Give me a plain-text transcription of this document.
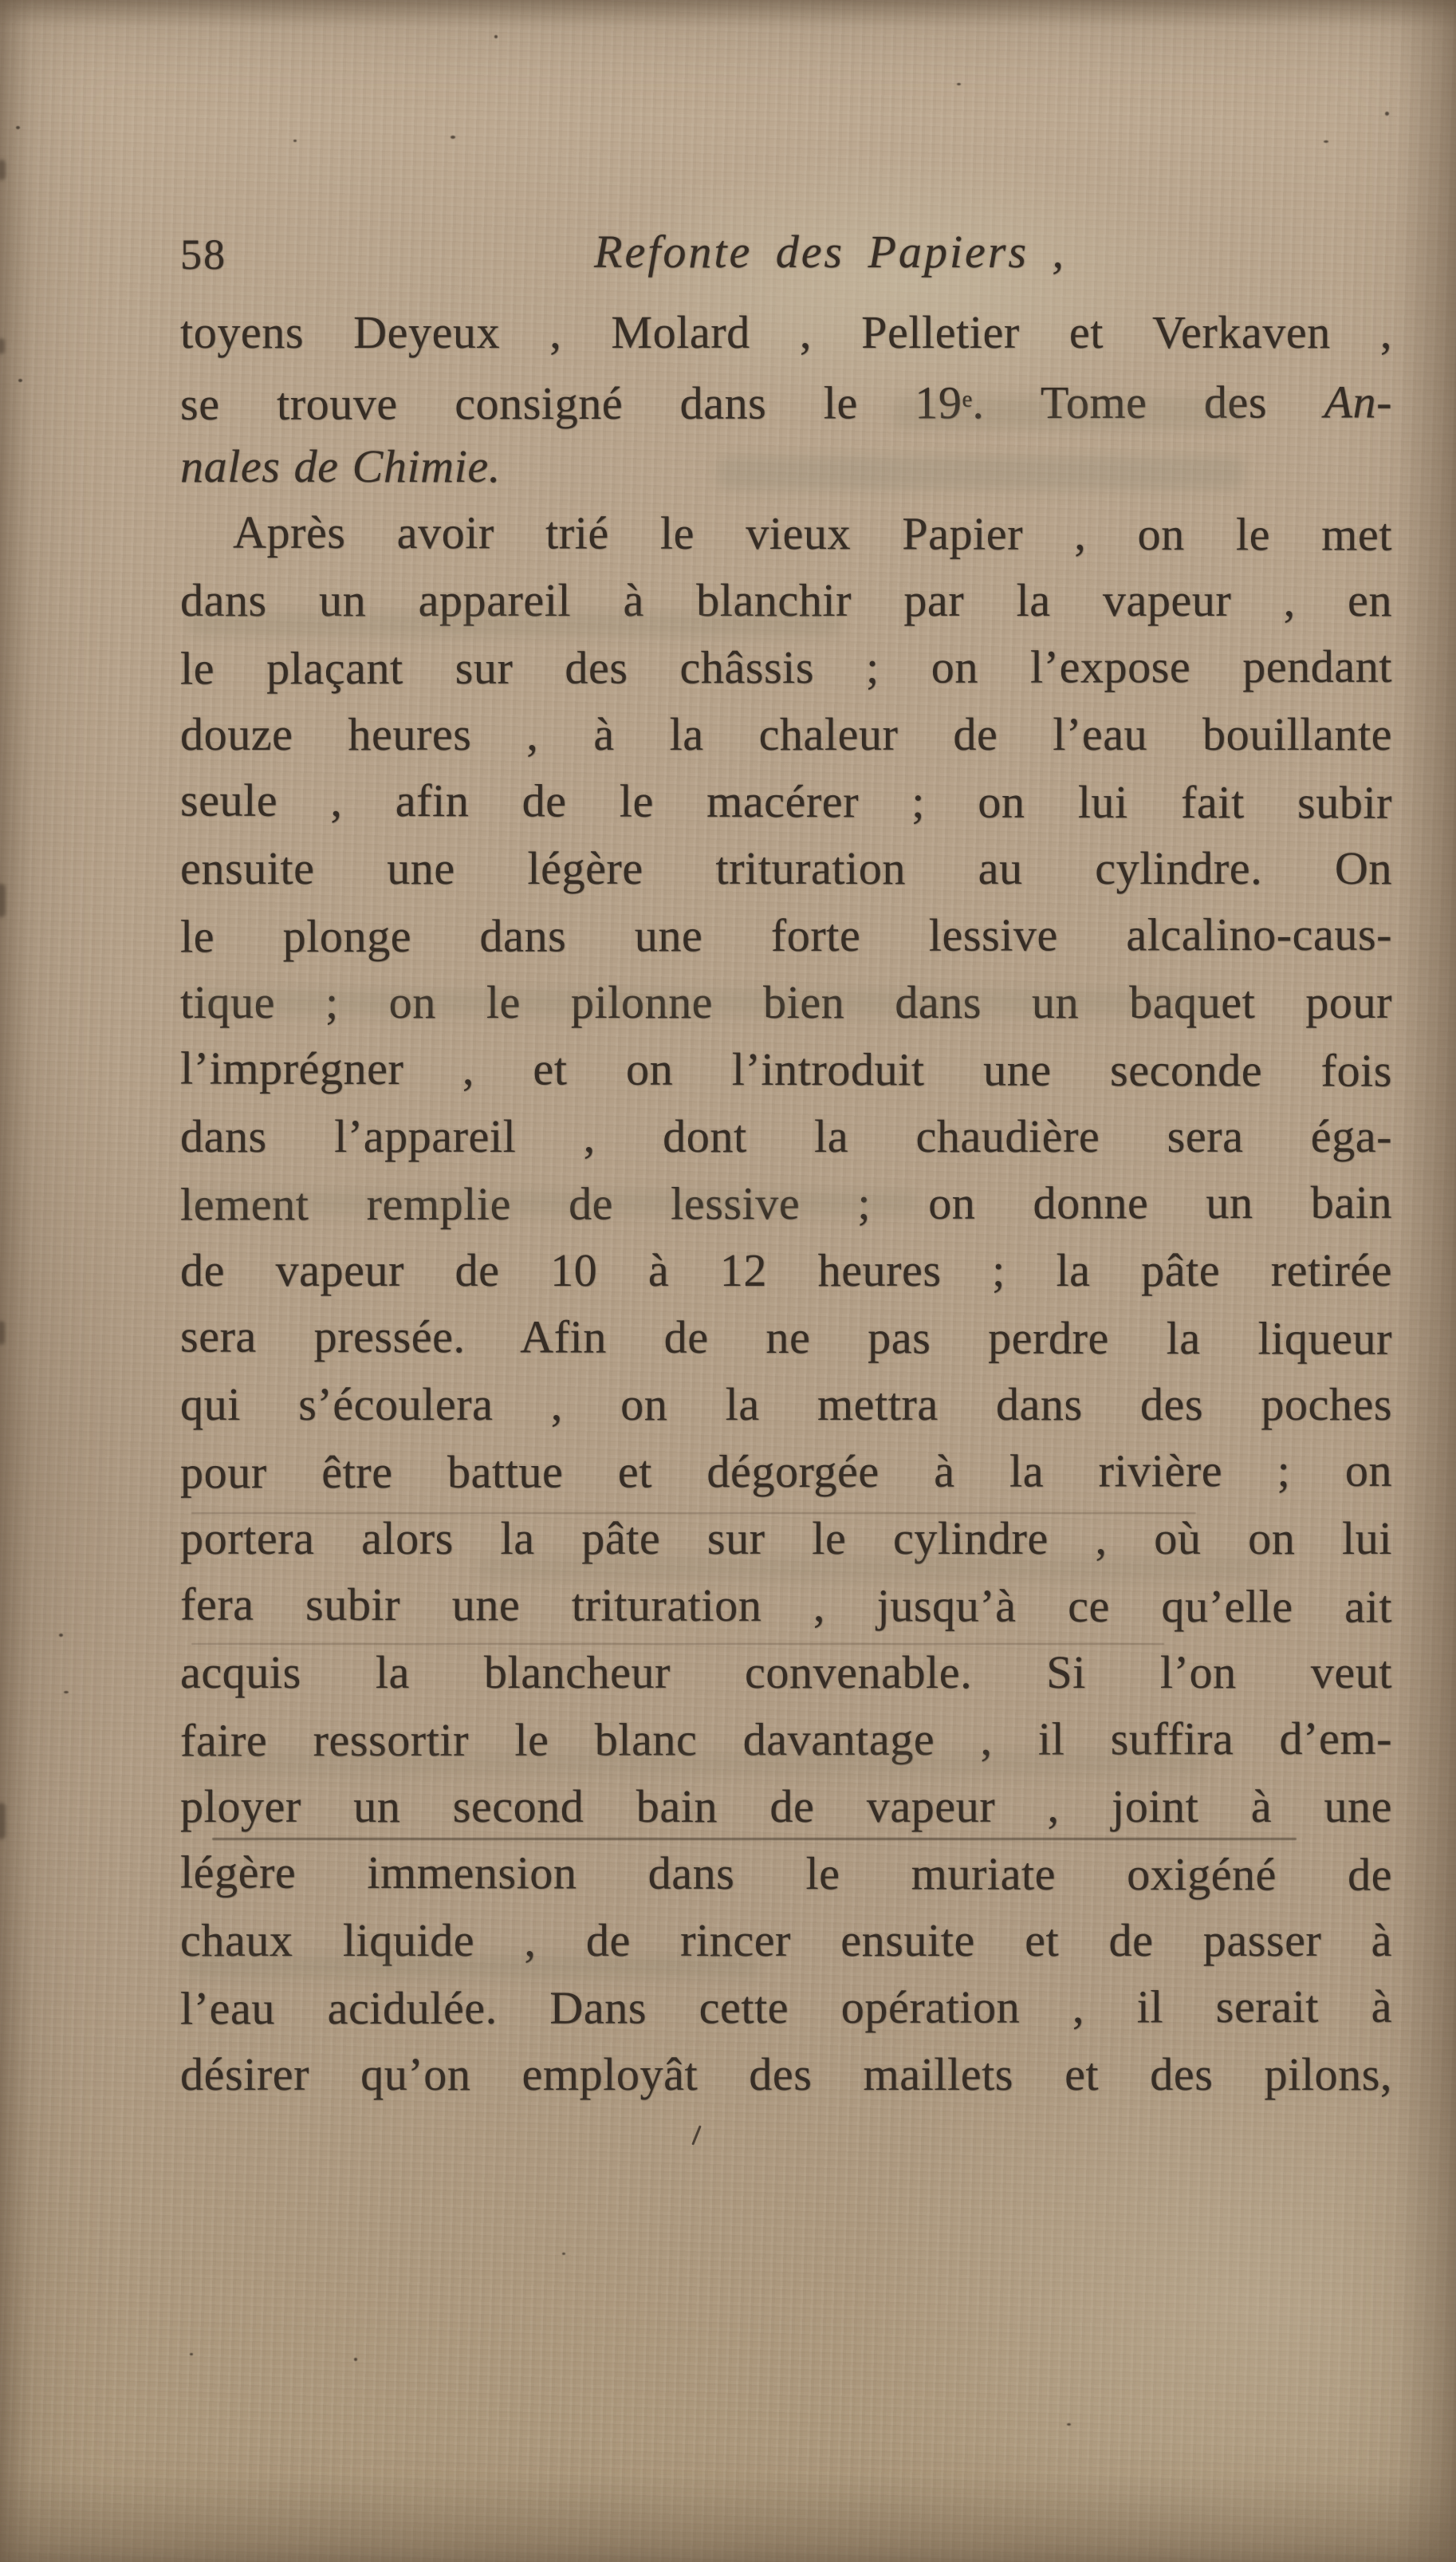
58	Refonte des Papiers ,
toyens Deyeux , Molard , Pelletier et Verkaven ,
se trouve consigné dans le 19e. Tome des An-
nales de Chimie.
Après avoir trié le vieux Papier , on le met
dans un appareil à blanchir par la vapeur , en
le plaçant sur des châssis ; on l’expose pendant
douze heures , à la chaleur de l’eau bouillante
seule , afin de le macérer ; on lui fait subir
ensuite une légère trituration au cylindre. On
le plonge dans une forte lessive alcalino-caus-
tique ; on le pilonne bien dans un baquet pour
l’imprégner , et on l’introduit une seconde fois
dans l’appareil , dont la chaudière sera éga-
lement remplie de lessive ; on donne un bain
de vapeur de 10 à 12 heures ; la pâte retirée
sera pressée. Afin de ne pas perdre la liqueur
qui s’écoulera , on la mettra dans des poches
pour être battue et dégorgée à la rivière ; on
portera alors la pâte sur le cylindre , où on lui
fera subir une trituration , jusqu’à ce qu’elle ait
acquis la blancheur convenable. Si l’on veut
faire ressortir le blanc davantage , il suffira d’em-
ployer un second bain de vapeur , joint à une
légère immension dans le muriate oxigéné de
chaux liquide , de rincer ensuite et de passer à
l’eau acidulée. Dans cette opération , il serait à
désirer qu’on employât des maillets et des pilons,
